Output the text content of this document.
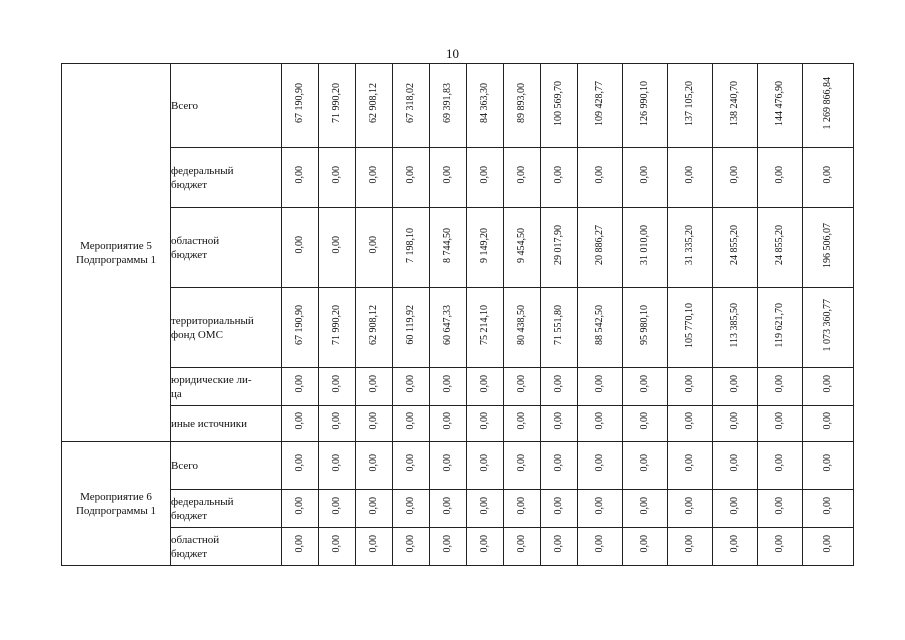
10
Мероприятие 5
Подпрограммы 1	Всего	67 190,90	71 990,20	62 908,12	67 318,02	69 391,83	84 363,30	89 893,00	100 569,70	109 428,77	126 990,10	137 105,20	138 240,70	144 476,90	1 269 866,84

	федеральный
бюджет	0,00	0,00	0,00	0,00	0,00	0,00	0,00	0,00	0,00	0,00	0,00	0,00	0,00	0,00

	областной
бюджет	0,00	0,00	0,00	7 198,10	8 744,50	9 149,20	9 454,50	29 017,90	20 886,27	31 010,00	31 335,20	24 855,20	24 855,20	196 506,07

	территориальный
фонд ОМС	67 190,90	71 990,20	62 908,12	60 119,92	60 647,33	75 214,10	80 438,50	71 551,80	88 542,50	95 980,10	105 770,10	113 385,50	119 621,70	1 073 360,77

	юридические ли-
ца	0,00	0,00	0,00	0,00	0,00	0,00	0,00	0,00	0,00	0,00	0,00	0,00	0,00	0,00

	иные источники	0,00	0,00	0,00	0,00	0,00	0,00	0,00	0,00	0,00	0,00	0,00	0,00	0,00	0,00

Мероприятие 6
Подпрограммы 1	Всего	0,00	0,00	0,00	0,00	0,00	0,00	0,00	0,00	0,00	0,00	0,00	0,00	0,00	0,00

	федеральный
бюджет	0,00	0,00	0,00	0,00	0,00	0,00	0,00	0,00	0,00	0,00	0,00	0,00	0,00	0,00

	областной
бюджет	0,00	0,00	0,00	0,00	0,00	0,00	0,00	0,00	0,00	0,00	0,00	0,00	0,00	0,00
